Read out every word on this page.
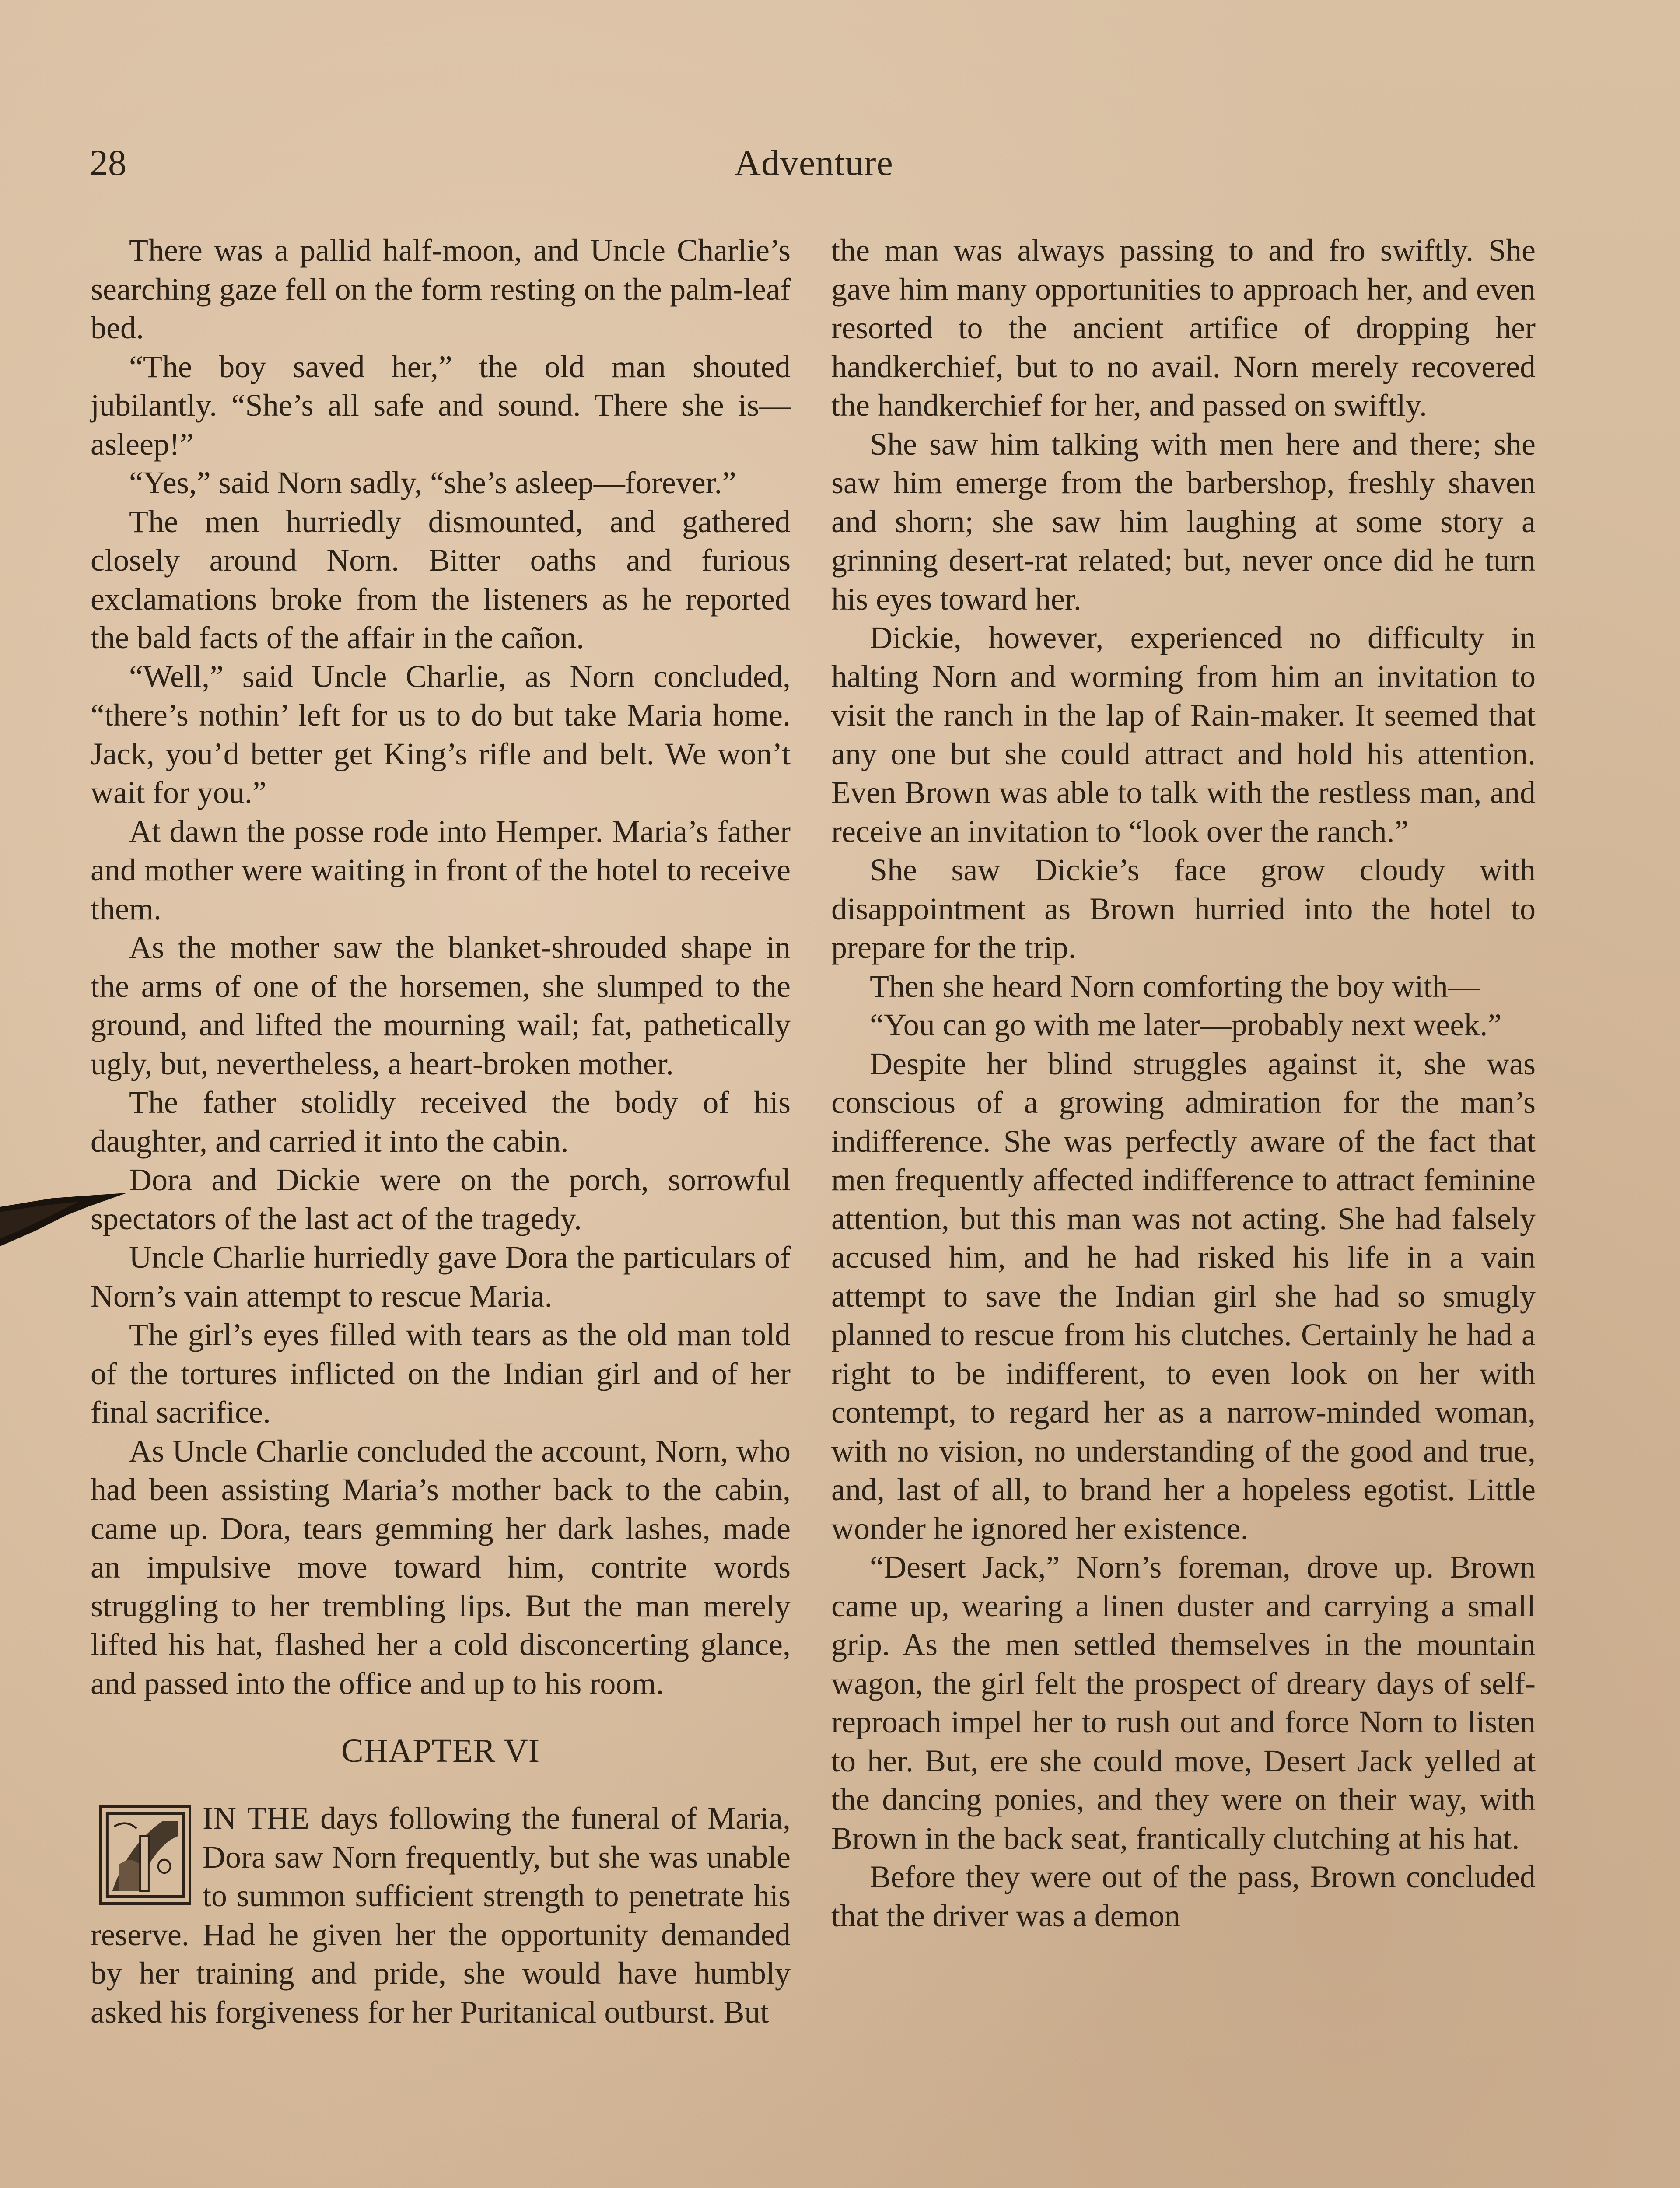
28	Adventure

There was a pallid half-moon, and Uncle Charlie’s searching gaze fell on the form resting on the palm-leaf bed.

“The boy saved her,” the old man shouted jubilantly. “She’s all safe and sound. There she is—asleep!”

“Yes,” said Norn sadly, “she’s asleep—forever.”

The men hurriedly dismounted, and gathered closely around Norn. Bitter oaths and furious exclamations broke from the listeners as he reported the bald facts of the affair in the cañon.

“Well,” said Uncle Charlie, as Norn concluded, “there’s nothin’ left for us to do but take Maria home. Jack, you’d better get King’s rifle and belt. We won’t wait for you.”

At dawn the posse rode into Hemper. Maria’s father and mother were waiting in front of the hotel to receive them.

As the mother saw the blanket-shrouded shape in the arms of one of the horsemen, she slumped to the ground, and lifted the mourning wail; fat, pathetically ugly, but, nevertheless, a heart-broken mother.

The father stolidly received the body of his daughter, and carried it into the cabin.

Dora and Dickie were on the porch, sorrowful spectators of the last act of the tragedy.

Uncle Charlie hurriedly gave Dora the particulars of Norn’s vain attempt to rescue Maria.

The girl’s eyes filled with tears as the old man told of the tortures inflicted on the Indian girl and of her final sacrifice.

As Uncle Charlie concluded the account, Norn, who had been assisting Maria’s mother back to the cabin, came up. Dora, tears gemming her dark lashes, made an impulsive move toward him, contrite words struggling to her trembling lips. But the man merely lifted his hat, flashed her a cold disconcerting glance, and passed into the office and up to his room.

CHAPTER VI

IN THE days following the funeral of Maria, Dora saw Norn frequently, but she was unable to summon sufficient strength to penetrate his reserve. Had he given her the opportunity demanded by her training and pride, she would have humbly asked his forgiveness for her Puritanical outburst. But

the man was always passing to and fro swiftly. She gave him many opportunities to approach her, and even resorted to the ancient artifice of dropping her handkerchief, but to no avail. Norn merely recovered the handkerchief for her, and passed on swiftly.

She saw him talking with men here and there; she saw him emerge from the barbershop, freshly shaven and shorn; she saw him laughing at some story a grinning desert-rat related; but, never once did he turn his eyes toward her.

Dickie, however, experienced no difficulty in halting Norn and worming from him an invitation to visit the ranch in the lap of Rain-maker. It seemed that any one but she could attract and hold his attention. Even Brown was able to talk with the restless man, and receive an invitation to “look over the ranch.”

She saw Dickie’s face grow cloudy with disappointment as Brown hurried into the hotel to prepare for the trip.

Then she heard Norn comforting the boy with—

“You can go with me later—probably next week.”

Despite her blind struggles against it, she was conscious of a growing admiration for the man’s indifference. She was perfectly aware of the fact that men frequently affected indifference to attract feminine attention, but this man was not acting. She had falsely accused him, and he had risked his life in a vain attempt to save the Indian girl she had so smugly planned to rescue from his clutches. Certainly he had a right to be indifferent, to even look on her with contempt, to regard her as a narrow-minded woman, with no vision, no understanding of the good and true, and, last of all, to brand her a hopeless egotist. Little wonder he ignored her existence.

“Desert Jack,” Norn’s foreman, drove up. Brown came up, wearing a linen duster and carrying a small grip. As the men settled themselves in the mountain wagon, the girl felt the prospect of dreary days of self-reproach impel her to rush out and force Norn to listen to her. But, ere she could move, Desert Jack yelled at the dancing ponies, and they were on their way, with Brown in the back seat, frantically clutching at his hat.

Before they were out of the pass, Brown concluded that the driver was a demon
